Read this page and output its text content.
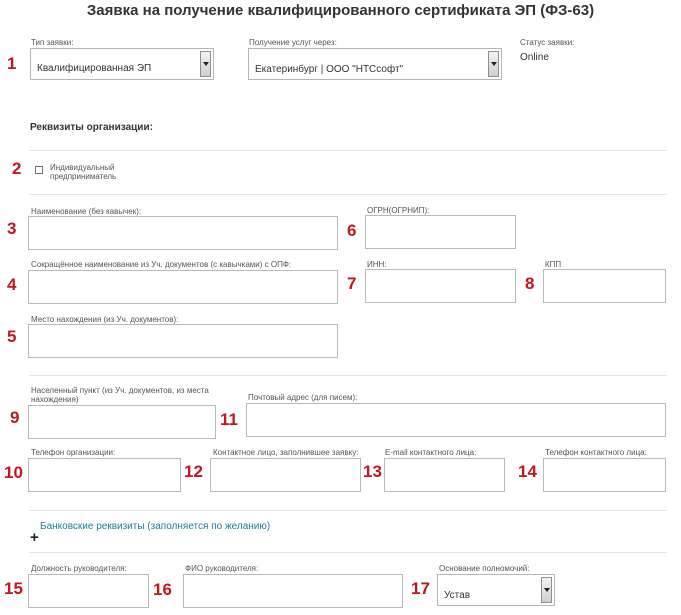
Заявка на получение квалифицированного сертификата ЭП (ФЗ-63)
1
Тип заявки:
Квалифицированная ЭП
Получение услуг через:
Екатеринбург | ООО "НТСсофт"
Статус заявки:
Online
Реквизиты организации:
2	Индивидуальный предприниматель
3
Наименование (без кавычек):
6
ОГРН(ОГРНИП):
4
Сокращённое наименование из Уч. документов (с кавычками) с ОПФ:
7
ИНН:
8
КПП
5
Место нахождения (из Уч. документов):
9
Населенный пункт (из Уч. документов, из места нахождения)
11
Почтовый адрес (для писем):
10
Телефон организации:
12
Контактное лицо, заполнившее заявку:
13
E-mail контактного лица:
14
Телефон контактного лица:
Банковские реквизиты (заполняется по желанию)
+
15
Должность руководителя:
16
ФИО руководителя:
17
Основание полномочий:
Устав
